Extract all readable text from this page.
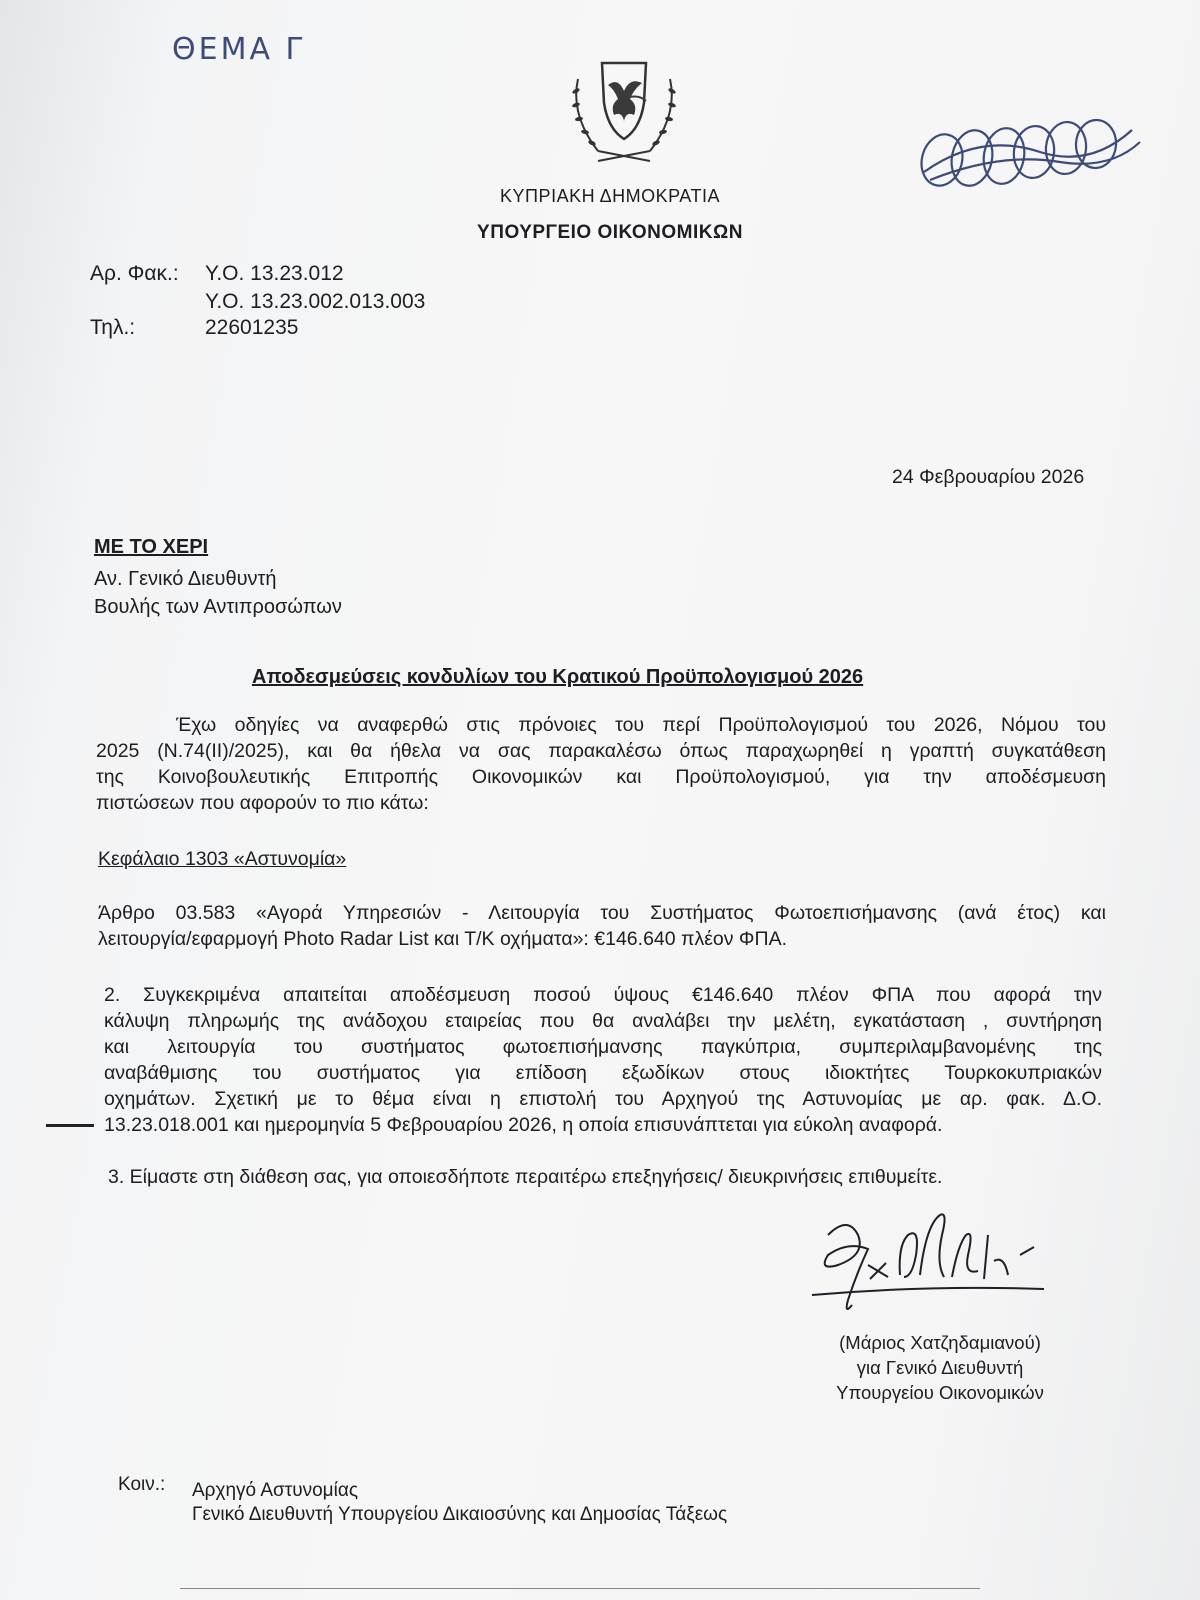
ΘΕΜΑ Γ
ΚΥΠΡΙΑΚΗ ΔΗΜΟΚΡΑΤΙΑ
ΥΠΟΥΡΓΕΙΟ ΟΙΚΟΝΟΜΙΚΩΝ
Αρ. Φακ.: Υ.Ο. 13.23.012
Υ.Ο. 13.23.002.013.003
Τηλ.:	22601235
24 Φεβρουαρίου 2026
ΜΕ ΤΟ ΧΕΡΙ
Αν. Γενικό Διευθυντή
Βουλής των Αντιπροσώπων
Αποδεσμεύσεις κονδυλίων του Κρατικού Προϋπολογισμού 2026
Έχω οδηγίες να αναφερθώ στις πρόνοιες του περί Προϋπολογισμού του 2026, Νόμου του
2025 (Ν.74(ΙΙ)/2025), και θα ήθελα να σας παρακαλέσω όπως παραχωρηθεί η γραπτή συγκατάθεση
της Κοινοβουλευτικής Επιτροπής Οικονομικών και Προϋπολογισμού, για την αποδέσμευση
πιστώσεων που αφορούν το πιο κάτω:
Κεφάλαιο 1303 «Αστυνομία»
Άρθρο 03.583 «Αγορά Υπηρεσιών - Λειτουργία του Συστήματος Φωτοεπισήμανσης (ανά έτος) και
λειτουργία/εφαρμογή Photo Radar List και Τ/Κ οχήματα»: €146.640 πλέον ΦΠΑ.
2. Συγκεκριμένα απαιτείται αποδέσμευση ποσού ύψους €146.640 πλέον ΦΠΑ που αφορά την
κάλυψη πληρωμής της ανάδοχου εταιρείας που θα αναλάβει την μελέτη, εγκατάσταση , συντήρηση
και λειτουργία του συστήματος φωτοεπισήμανσης παγκύπρια, συμπεριλαμβανομένης της
αναβάθμισης του συστήματος για επίδοση εξωδίκων στους ιδιοκτήτες Τουρκοκυπριακών
οχημάτων. Σχετική με το θέμα είναι η επιστολή του Αρχηγού της Αστυνομίας με αρ. φακ. Δ.Ο.
13.23.018.001 και ημερομηνία 5 Φεβρουαρίου 2026, η οποία επισυνάπτεται για εύκολη αναφορά.
3. Είμαστε στη διάθεση σας, για οποιεσδήποτε περαιτέρω επεξηγήσεις/ διευκρινήσεις επιθυμείτε.
(Μάριος Χατζηδαμιανού)
για Γενικό Διευθυντή
Υπουργείου Οικονομικών
Κοιν.: Αρχηγό Αστυνομίας
Γενικό Διευθυντή Υπουργείου Δικαιοσύνης και Δημοσίας Τάξεως
